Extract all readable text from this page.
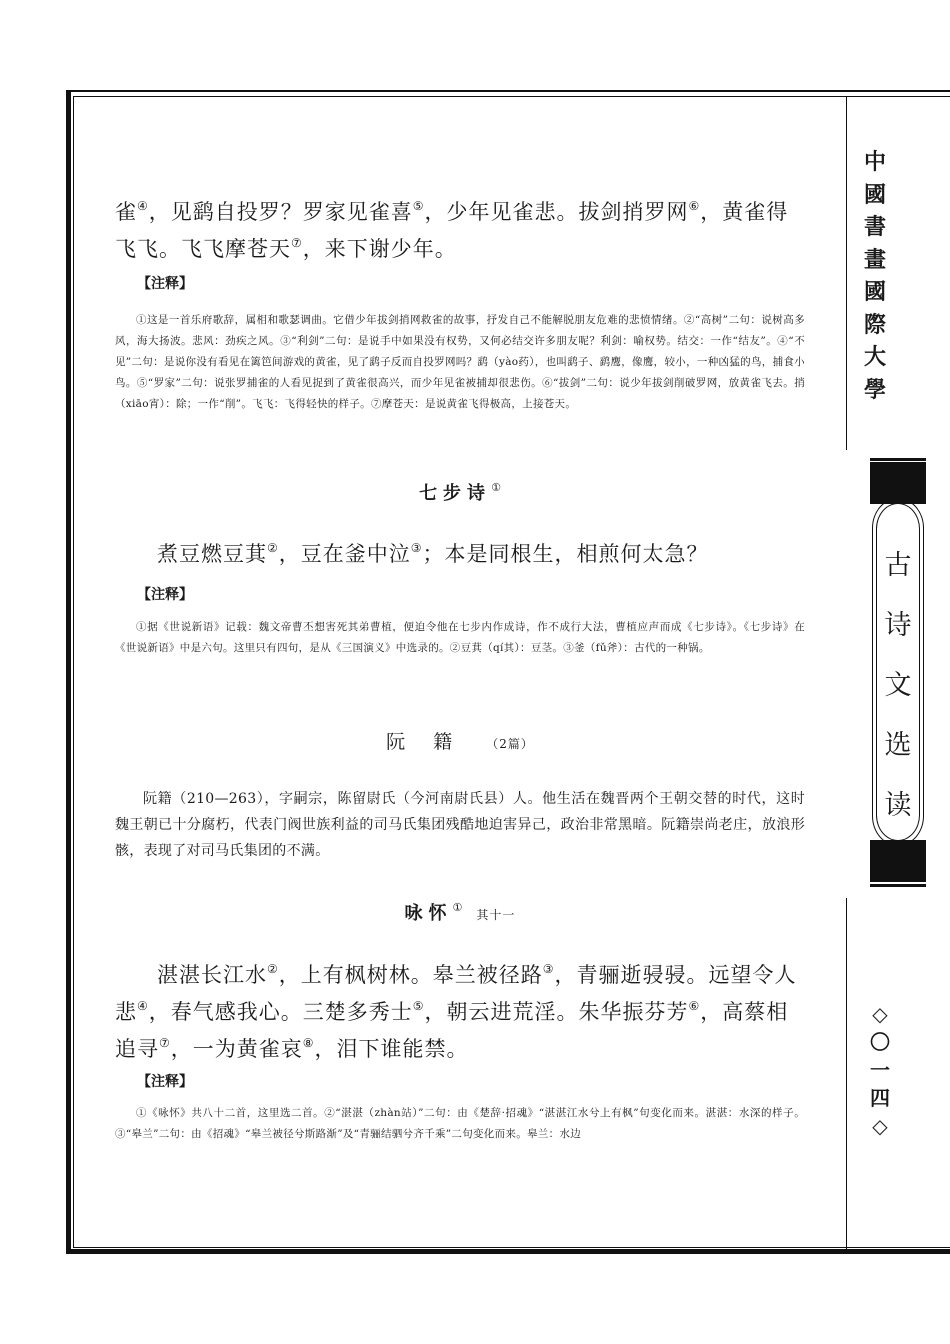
中
國
書
畫
國
際
大
學
古
诗
文
选
读
◇
〇
一
四
◇

雀④，见鹞自投罗？罗家见雀喜⑤，少年见雀悲。拔剑捎罗网⑥，黄雀得

飞飞。飞飞摩苍天⑦，来下谢少年。

【注释】

①这是一首乐府歌辞，属相和歌瑟调曲。它借少年拔剑捎网救雀的故事，抒发自己不能解脱朋友危难的悲愤情绪。②“高树”二句：说树高多风，海大扬波。悲风：劲疾之风。③“利剑”二句：是说手中如果没有权势，又何必结交许多朋友呢？利剑：喻权势。结交：一作“结友”。④“不见”二句：是说你没有看见在篱笆间游戏的黄雀，见了鹞子反而自投罗网吗？鹞（yào药），也叫鹞子、鹞鹰，像鹰，较小，一种凶猛的鸟，捕食小鸟。⑤“罗家”二句：说张罗捕雀的人看见捉到了黄雀很高兴，而少年见雀被捕却很悲伤。⑥“拔剑”二句：说少年拔剑削破罗网，放黄雀飞去。捎（xiāo宵）：除；一作“削”。飞飞：飞得轻快的样子。⑦摩苍天：是说黄雀飞得极高，上接苍天。

七步诗①

煮豆燃豆萁②，豆在釜中泣③；本是同根生，相煎何太急？

【注释】

①据《世说新语》记载：魏文帝曹丕想害死其弟曹植，便迫令他在七步内作成诗，作不成行大法，曹植应声而成《七步诗》。《七步诗》在《世说新语》中是六句。这里只有四句，是从《三国演义》中选录的。②豆萁（qí其）：豆茎。③釜（fǔ斧）：古代的一种锅。

阮籍 （2篇）

阮籍（210—263），字嗣宗，陈留尉氏（今河南尉氏县）人。他生活在魏晋两个王朝交替的时代，这时魏王朝已十分腐朽，代表门阀世族利益的司马氏集团残酷地迫害异己，政治非常黑暗。阮籍崇尚老庄，放浪形骸，表现了对司马氏集团的不满。

咏怀①其十一

湛湛长江水②，上有枫树林。皋兰被径路③，青骊逝骎骎。远望令人

悲④，春气感我心。三楚多秀士⑤，朝云进荒淫。朱华振芬芳⑥，高蔡相

追寻⑦，一为黄雀哀⑧，泪下谁能禁。

【注释】

①《咏怀》共八十二首，这里选二首。②“湛湛（zhàn站）”二句：由《楚辞·招魂》“湛湛江水兮上有枫”句变化而来。湛湛：水深的样子。③“皋兰”二句：由《招魂》“皋兰被径兮斯路渐”及“青骊结驷兮齐千乘”二句变化而来。皋兰：水边
